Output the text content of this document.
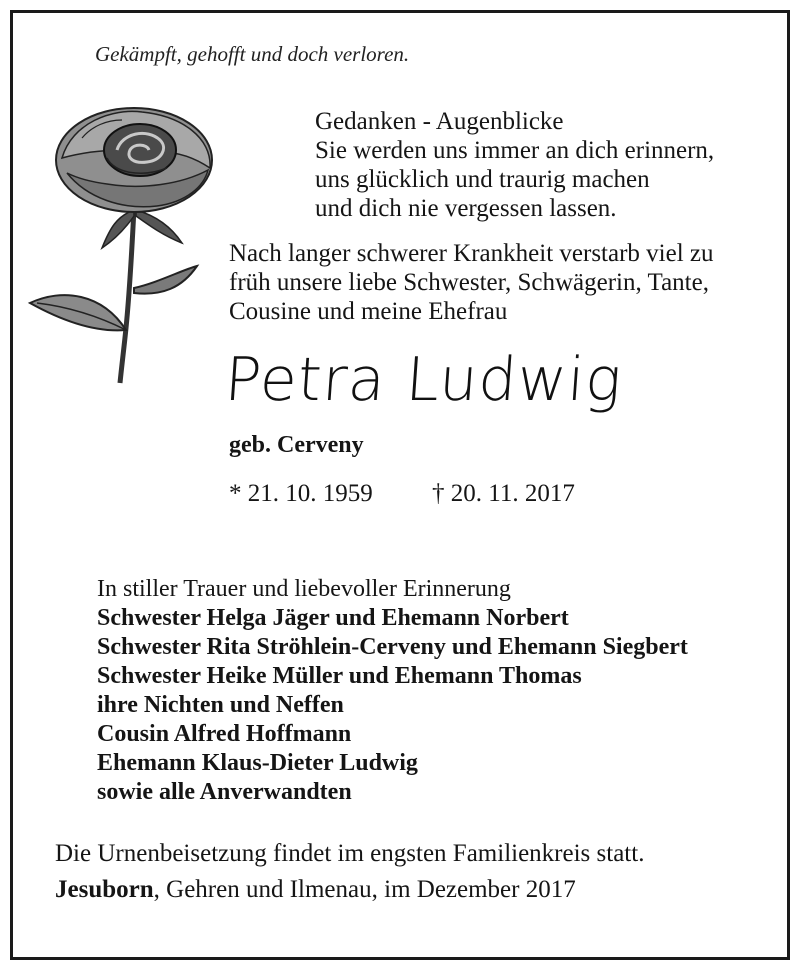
Gekämpft, gehofft und doch verloren.
Gedanken - Augenblicke
Sie werden uns immer an dich erinnern,
uns glücklich und traurig machen
und dich nie vergessen lassen.
Nach langer schwerer Krankheit verstarb viel zu
früh unsere liebe Schwester, Schwägerin, Tante,
Cousine und meine Ehefrau
Petra Ludwig
geb. Cerveny
* 21. 10. 1959 † 20. 11. 2017
In stiller Trauer und liebevoller Erinnerung
Schwester Helga Jäger und Ehemann Norbert
Schwester Rita Ströhlein-Cerveny und Ehemann Siegbert
Schwester Heike Müller und Ehemann Thomas
ihre Nichten und Neffen
Cousin Alfred Hoffmann
Ehemann Klaus-Dieter Ludwig
sowie alle Anverwandten
Die Urnenbeisetzung findet im engsten Familienkreis statt.
Jesuborn, Gehren und Ilmenau, im Dezember 2017
